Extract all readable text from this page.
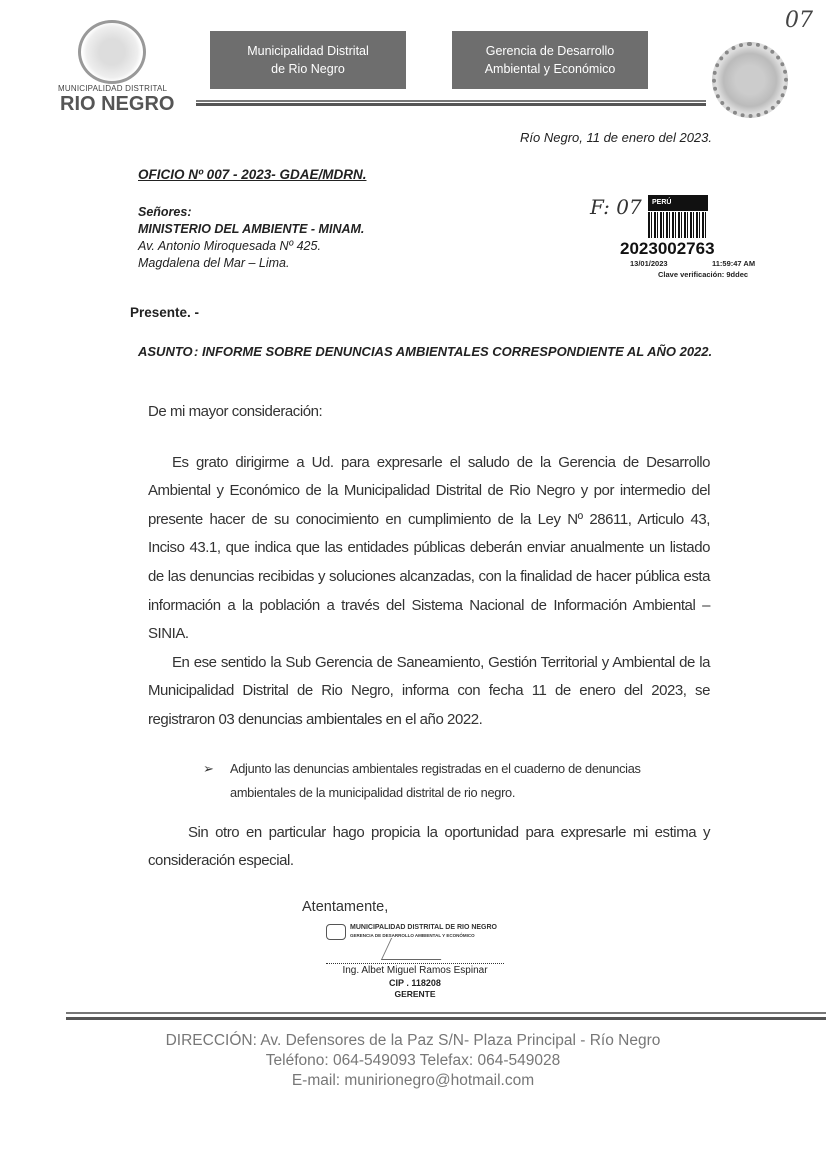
MUNICIPALIDAD DISTRITAL
RIO NEGRO
Municipalidad Distrital
de Rio Negro
Gerencia de Desarrollo
Ambiental y Económico
07
Río Negro, 11 de enero del 2023.
OFICIO Nº 007 - 2023- GDAE/MDRN.
Señores:
MINISTERIO DEL AMBIENTE - MINAM.
Av. Antonio Miroquesada Nº 425.
Magdalena del Mar – Lima.
F: 07	PERÚ
2023002763
13/01/2023	11:59:47 AM
Clave verificación: 9ddec
Presente. -
ASUNTO: INFORME SOBRE DENUNCIAS AMBIENTALES CORRESPONDIENTE AL AÑO 2022.
De mi mayor consideración:
Es grato dirigirme a Ud. para expresarle el saludo de la Gerencia de Desarrollo Ambiental y Económico de la Municipalidad Distrital de Rio Negro y por intermedio del presente hacer de su conocimiento en cumplimiento de la Ley Nº 28611, Articulo 43, Inciso 43.1, que indica que las entidades públicas deberán enviar anualmente un listado de las denuncias recibidas y soluciones alcanzadas, con la finalidad de hacer pública esta información a la población a través del Sistema Nacional de Información Ambiental – SINIA.
En ese sentido la Sub Gerencia de Saneamiento, Gestión Territorial y Ambiental de la Municipalidad Distrital de Rio Negro, informa con fecha 11 de enero del 2023, se registraron 03 denuncias ambientales en el año 2022.
➢ Adjunto las denuncias ambientales registradas en el cuaderno de denuncias ambientales de la municipalidad distrital de rio negro.
Sin otro en particular hago propicia la oportunidad para expresarle mi estima y consideración especial.
Atentamente,
MUNICIPALIDAD DISTRITAL DE RIO NEGRO
GERENCIA DE DESARROLLO AMBIENTAL Y ECONÓMICO
Ing. Albet Miguel Ramos Espinar
CIP . 118208
GERENTE
DIRECCIÓN: Av. Defensores de la Paz S/N- Plaza Principal - Río Negro
Teléfono: 064-549093 Telefax: 064-549028
E-mail: munirionegro@hotmail.com
